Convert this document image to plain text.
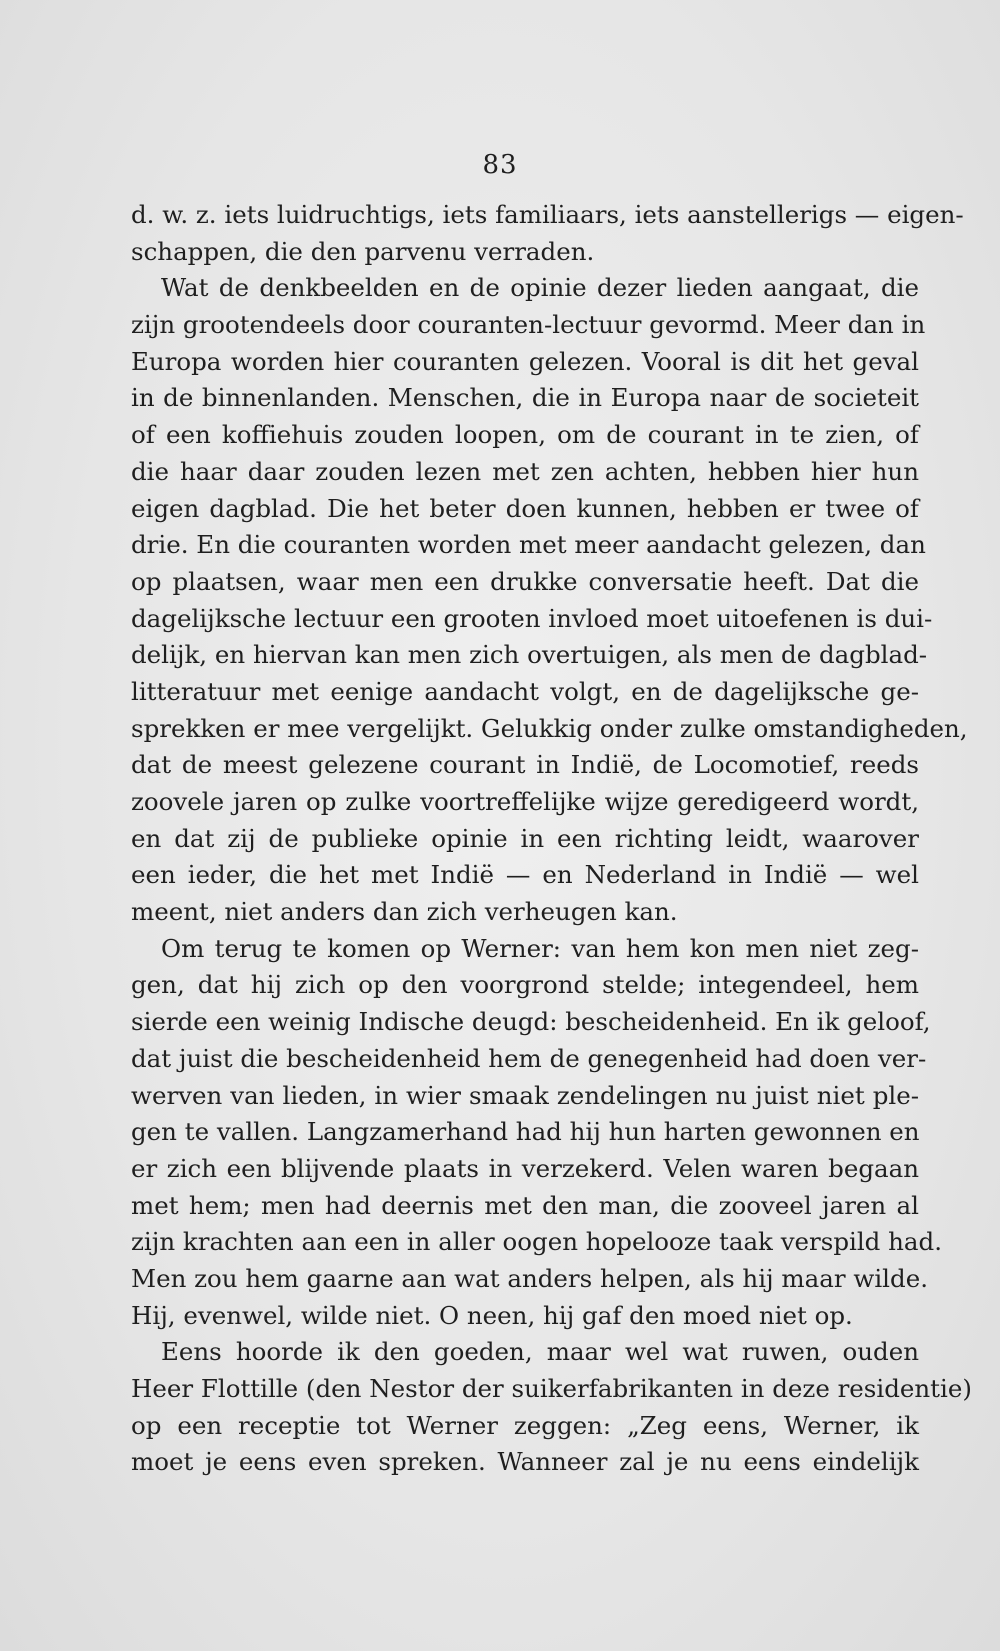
83
d. w. z. iets luidruchtigs, iets familiaars, iets aanstellerigs — eigen-
schappen, die den parvenu verraden.
Wat de denkbeelden en de opinie dezer lieden aangaat, die
zijn grootendeels door couranten-lectuur gevormd. Meer dan in
Europa worden hier couranten gelezen. Vooral is dit het geval
in de binnenlanden. Menschen, die in Europa naar de societeit
of een koffiehuis zouden loopen, om de courant in te zien, of
die haar daar zouden lezen met zen achten, hebben hier hun
eigen dagblad. Die het beter doen kunnen, hebben er twee of
drie. En die couranten worden met meer aandacht gelezen, dan
op plaatsen, waar men een drukke conversatie heeft. Dat die
dagelijksche lectuur een grooten invloed moet uitoefenen is dui-
delijk, en hiervan kan men zich overtuigen, als men de dagblad-
litteratuur met eenige aandacht volgt, en de dagelijksche ge-
sprekken er mee vergelijkt. Gelukkig onder zulke omstandigheden,
dat de meest gelezene courant in Indië, de Locomotief, reeds
zoovele jaren op zulke voortreffelijke wijze geredigeerd wordt,
en dat zij de publieke opinie in een richting leidt, waarover
een ieder, die het met Indië — en Nederland in Indië — wel
meent, niet anders dan zich verheugen kan.
Om terug te komen op Werner: van hem kon men niet zeg-
gen, dat hij zich op den voorgrond stelde; integendeel, hem
sierde een weinig Indische deugd: bescheidenheid. En ik geloof,
dat juist die bescheidenheid hem de genegenheid had doen ver-
werven van lieden, in wier smaak zendelingen nu juist niet ple-
gen te vallen. Langzamerhand had hij hun harten gewonnen en
er zich een blijvende plaats in verzekerd. Velen waren begaan
met hem; men had deernis met den man, die zooveel jaren al
zijn krachten aan een in aller oogen hopelooze taak verspild had.
Men zou hem gaarne aan wat anders helpen, als hij maar wilde.
Hij, evenwel, wilde niet. O neen, hij gaf den moed niet op.
Eens hoorde ik den goeden, maar wel wat ruwen, ouden
Heer Flottille (den Nestor der suikerfabrikanten in deze residentie)
op een receptie tot Werner zeggen: „Zeg eens, Werner, ik
moet je eens even spreken. Wanneer zal je nu eens eindelijk
